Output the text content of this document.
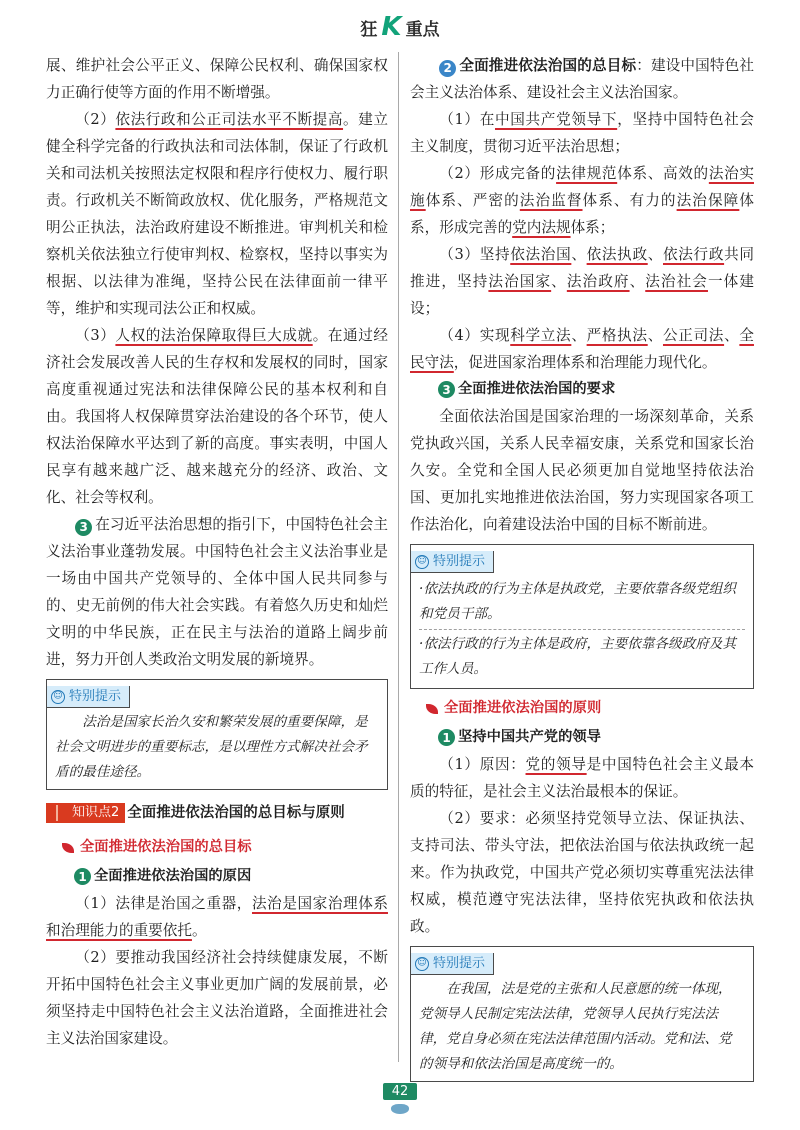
狂 K 重点

展、维护社会公平正义、保障公民权利、确保国家权力正确行使等方面的作用不断增强。

（2）依法行政和公正司法水平不断提高。建立健全科学完备的行政执法和司法体制，保证了行政机关和司法机关按照法定权限和程序行使权力、履行职责。行政机关不断简政放权、优化服务，严格规范文明公正执法，法治政府建设不断推进。审判机关和检察机关依法独立行使审判权、检察权，坚持以事实为根据、以法律为准绳，坚持公民在法律面前一律平等，维护和实现司法公正和权威。

（3）人权的法治保障取得巨大成就。在通过经济社会发展改善人民的生存权和发展权的同时，国家高度重视通过宪法和法律保障公民的基本权利和自由。我国将人权保障贯穿法治建设的各个环节，使人权法治保障水平达到了新的高度。事实表明，中国人民享有越来越广泛、越来越充分的经济、政治、文化、社会等权利。

3 在习近平法治思想的指引下，中国特色社会主义法治事业蓬勃发展。中国特色社会主义法治事业是一场由中国共产党领导的、全体中国人民共同参与的、史无前例的伟大社会实践。有着悠久历史和灿烂文明的中华民族，正在民主与法治的道路上阔步前进，努力开创人类政治文明发展的新境界。

☺ 特别提示
法治是国家长治久安和繁荣发展的重要保障，是社会文明进步的重要标志，是以理性方式解决社会矛盾的最佳途径。
知识点2 全面推进依法治国的总目标与原则
全面推进依法治国的总目标
1 全面推进依法治国的原因

（1）法律是治国之重器，法治是国家治理体系和治理能力的重要依托。

（2）要推动我国经济社会持续健康发展，不断开拓中国特色社会主义事业更加广阔的发展前景，必须坚持走中国特色社会主义法治道路，全面推进社会主义法治国家建设。

2 全面推进依法治国的总目标：建设中国特色社会主义法治体系、建设社会主义法治国家。

（1）在中国共产党领导下，坚持中国特色社会主义制度，贯彻习近平法治思想；

（2）形成完备的法律规范体系、高效的法治实施体系、严密的法治监督体系、有力的法治保障体系，形成完善的党内法规体系；

（3）坚持依法治国、依法执政、依法行政共同推进，坚持法治国家、法治政府、法治社会一体建设；

（4）实现科学立法、严格执法、公正司法、全民守法，促进国家治理体系和治理能力现代化。

3 全面推进依法治国的要求

全面依法治国是国家治理的一场深刻革命，关系党执政兴国，关系人民幸福安康，关系党和国家长治久安。全党和全国人民必须更加自觉地坚持依法治国、更加扎实地推进依法治国，努力实现国家各项工作法治化，向着建设法治中国的目标不断前进。

☺ 特别提示
·依法执政的行为主体是执政党，主要依靠各级党组织和党员干部。
·依法行政的行为主体是政府，主要依靠各级政府及其工作人员。
全面推进依法治国的原则
1 坚持中国共产党的领导

（1）原因：党的领导是中国特色社会主义最本质的特征，是社会主义法治最根本的保证。

（2）要求：必须坚持党领导立法、保证执法、支持司法、带头守法，把依法治国与依法执政统一起来。作为执政党，中国共产党必须切实尊重宪法法律权威，模范遵守宪法法律，坚持依宪执政和依法执政。

☺ 特别提示
在我国，法是党的主张和人民意愿的统一体现，党领导人民制定宪法法律，党领导人民执行宪法法律，党自身必须在宪法法律范围内活动。党和法、党的领导和依法治国是高度统一的。
42
